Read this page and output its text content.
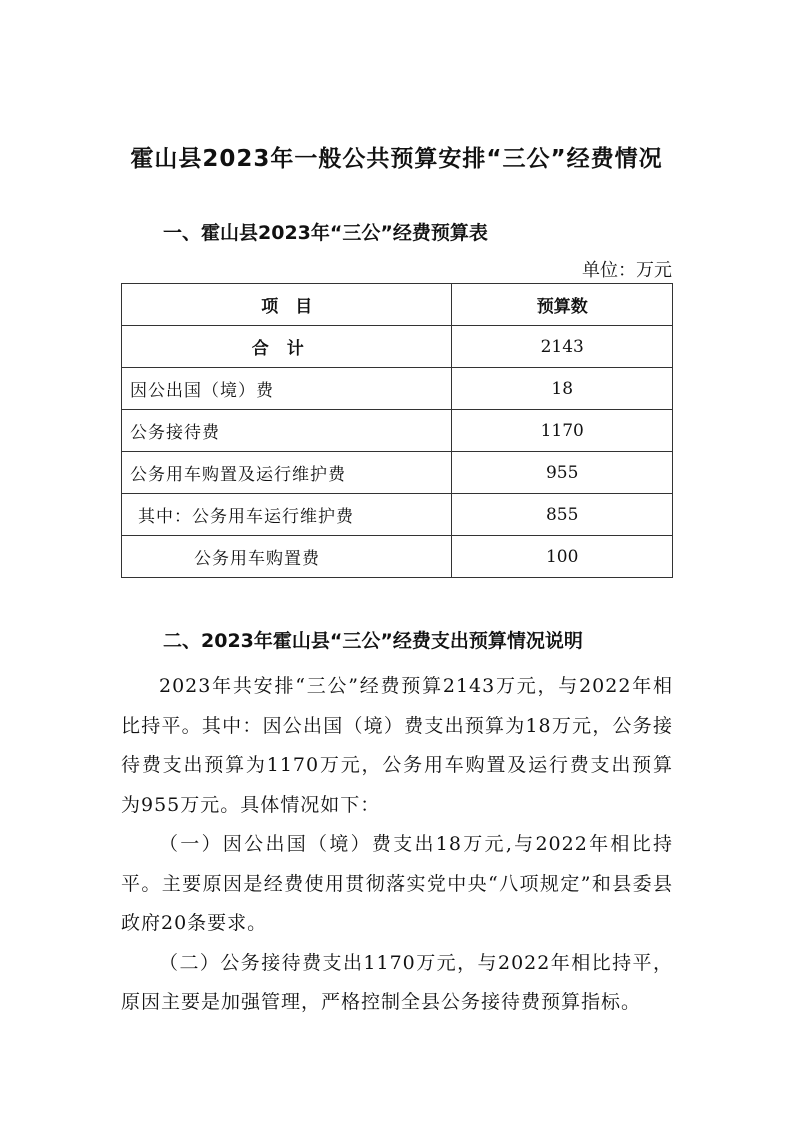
霍山县2023年一般公共预算安排“三公”经费情况
一、霍山县2023年“三公”经费预算表
单位：万元
项　目	预算数
合计	2143
因公出国（境）费	18
公务接待费	1170
公务用车购置及运行维护费	955
其中：公务用车运行维护费	855
公务用车购置费	100
二、2023年霍山县“三公”经费支出预算情况说明

2023年共安排“三公”经费预算2143万元，与2022年相比持平。其中：因公出国（境）费支出预算为18万元，公务接待费支出预算为1170万元，公务用车购置及运行费支出预算为955万元。具体情况如下：

（一）因公出国（境）费支出18万元,与2022年相比持平。主要原因是经费使用贯彻落实党中央“八项规定”和县委县政府20条要求。

（二）公务接待费支出1170万元，与2022年相比持平，原因主要是加强管理，严格控制全县公务接待费预算指标。
